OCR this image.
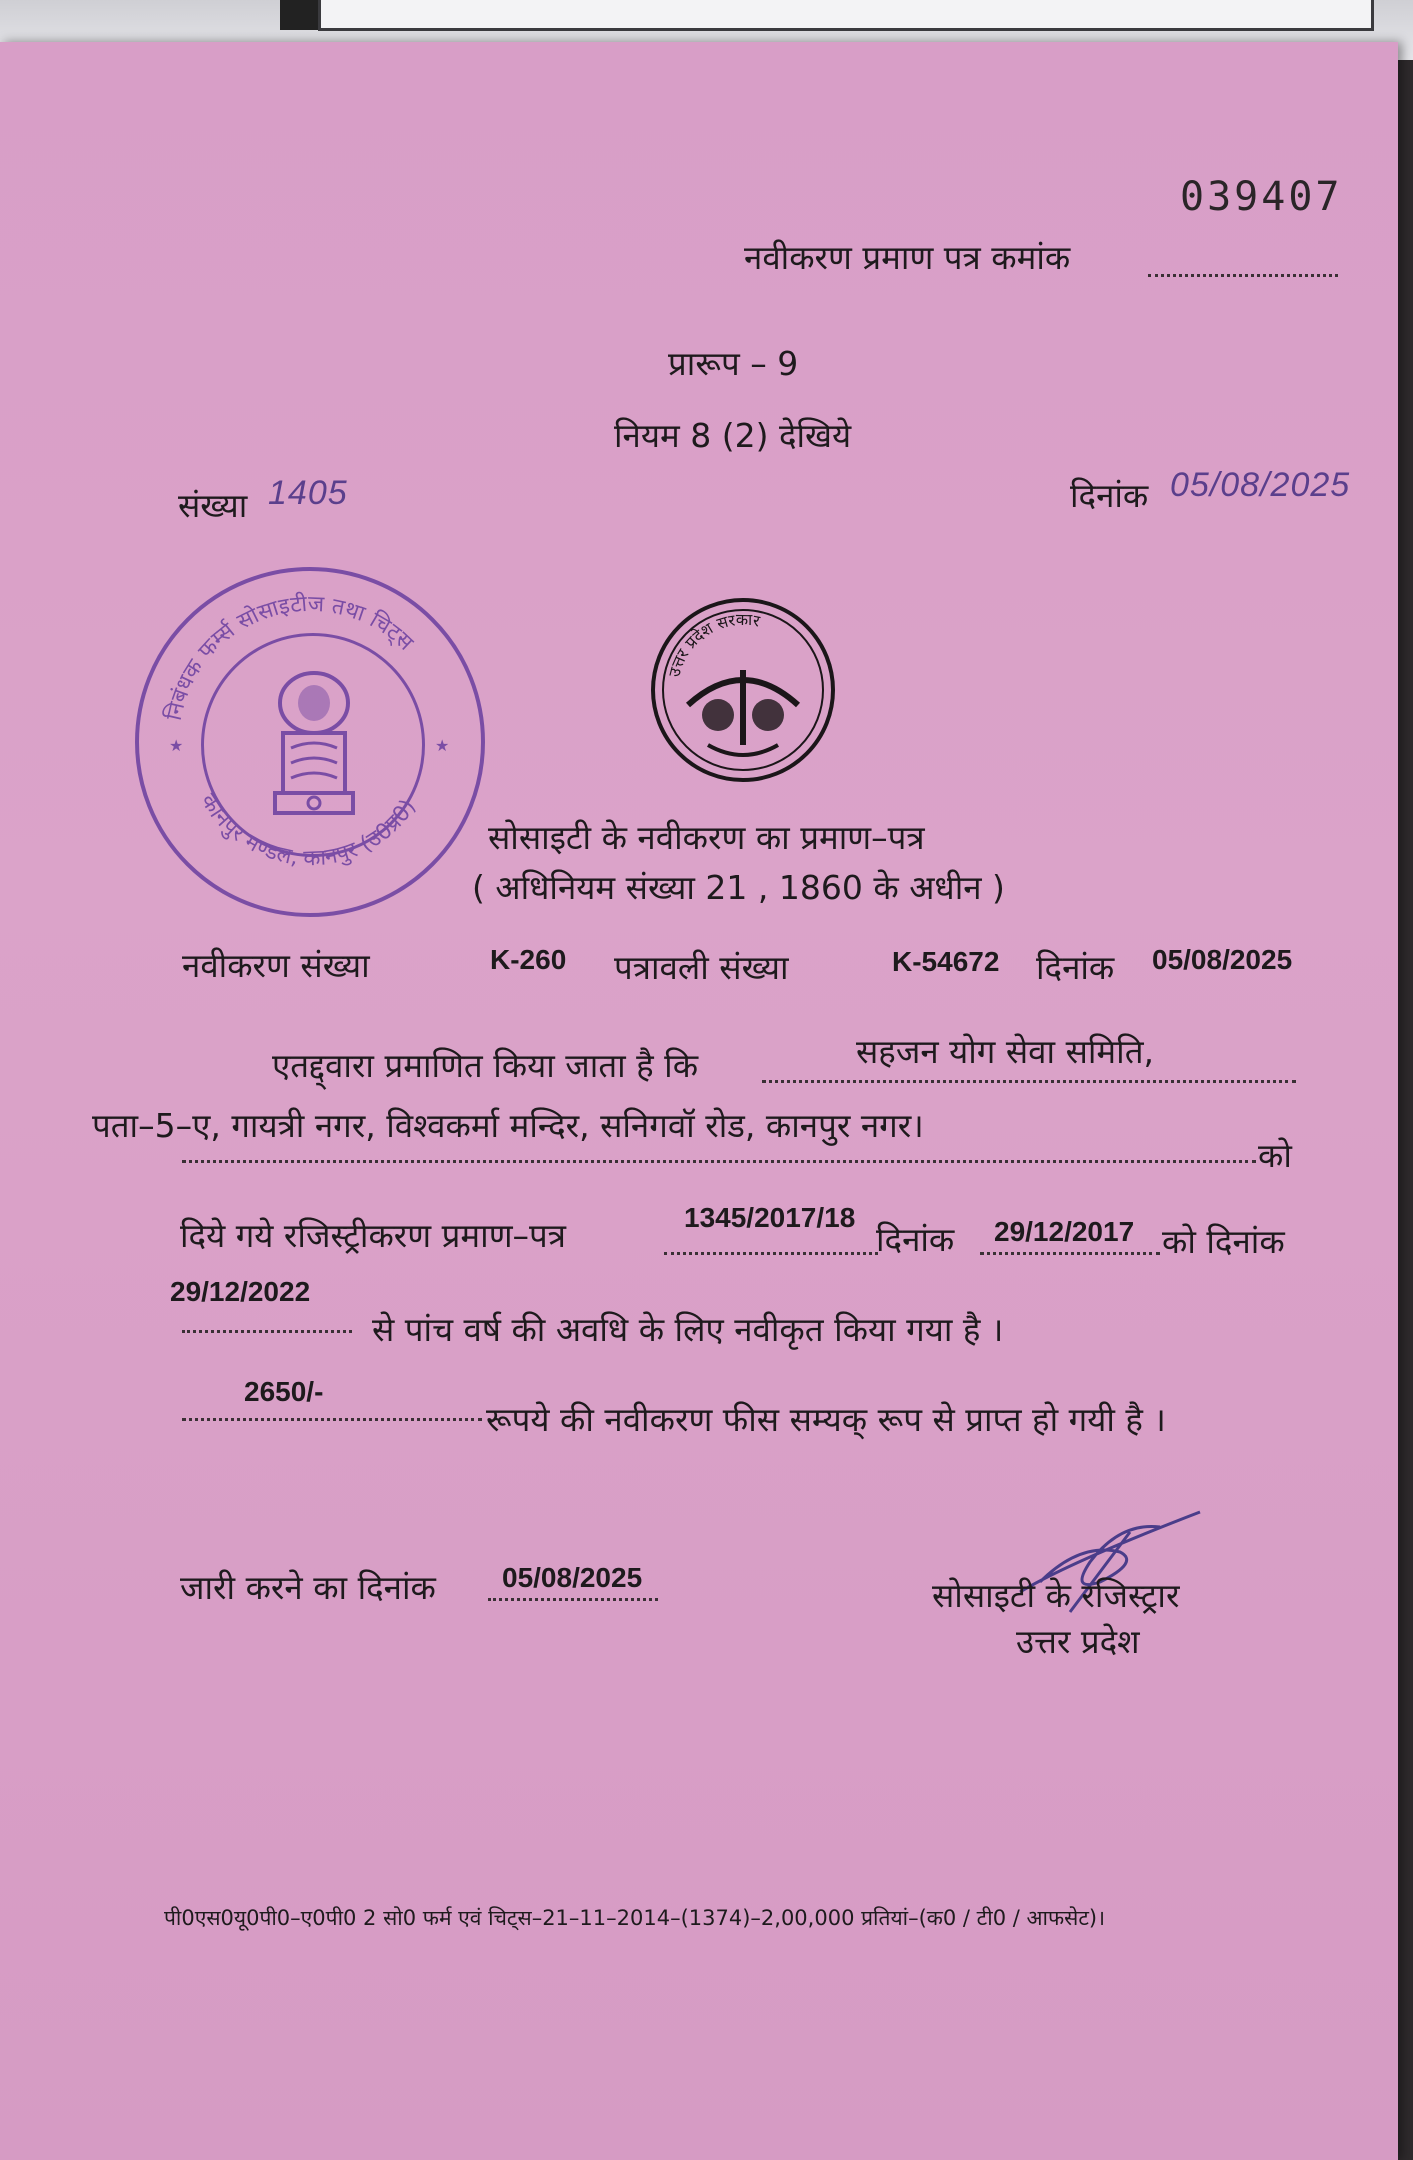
039407
नवीकरण प्रमाण पत्र कमांक
प्रारूप – 9
नियम 8 (2) देखिये
संख्या 1405	दिनांक 05/08/2025
निबंधक फर्म्स सोसाइटीज तथा चिट्स
कानपुर मण्डल, कानपुर (उ0प्र0)
★	★
उत्तर प्रदेश सरकार
सोसाइटी के नवीकरण का प्रमाण–पत्र
( अधिनियम संख्या 21 , 1860 के अधीन )
नवीकरण संख्या	K-260 पत्रावली संख्या	K-54672 दिनांक 05/08/2025
एतद्द्वारा प्रमाणित किया जाता है कि	सहजन योग सेवा समिति,
पता–5–ए, गायत्री नगर, विश्वकर्मा मन्दिर, सनिगवॉ रोड, कानपुर नगर।
को
दिये गये रजिस्ट्रीकरण प्रमाण–पत्र	1345/2017/18
दिनांक 29/12/2017 को दिनांक
29/12/2022
से पांच वर्ष की अवधि के लिए नवीकृत किया गया है ।
2650/-
रूपये की नवीकरण फीस सम्यक् रूप से प्राप्त हो गयी है ।
जारी करने का दिनांक 05/08/2025	सोसाइटी के रजिस्ट्रार
उत्तर प्रदेश
पी0एस0यू0पी0–ए0पी0 2 सो0 फर्म एवं चिट्स–21–11–2014–(1374)–2,00,000 प्रतियां–(क0 / टी0 / आफसेट)।
